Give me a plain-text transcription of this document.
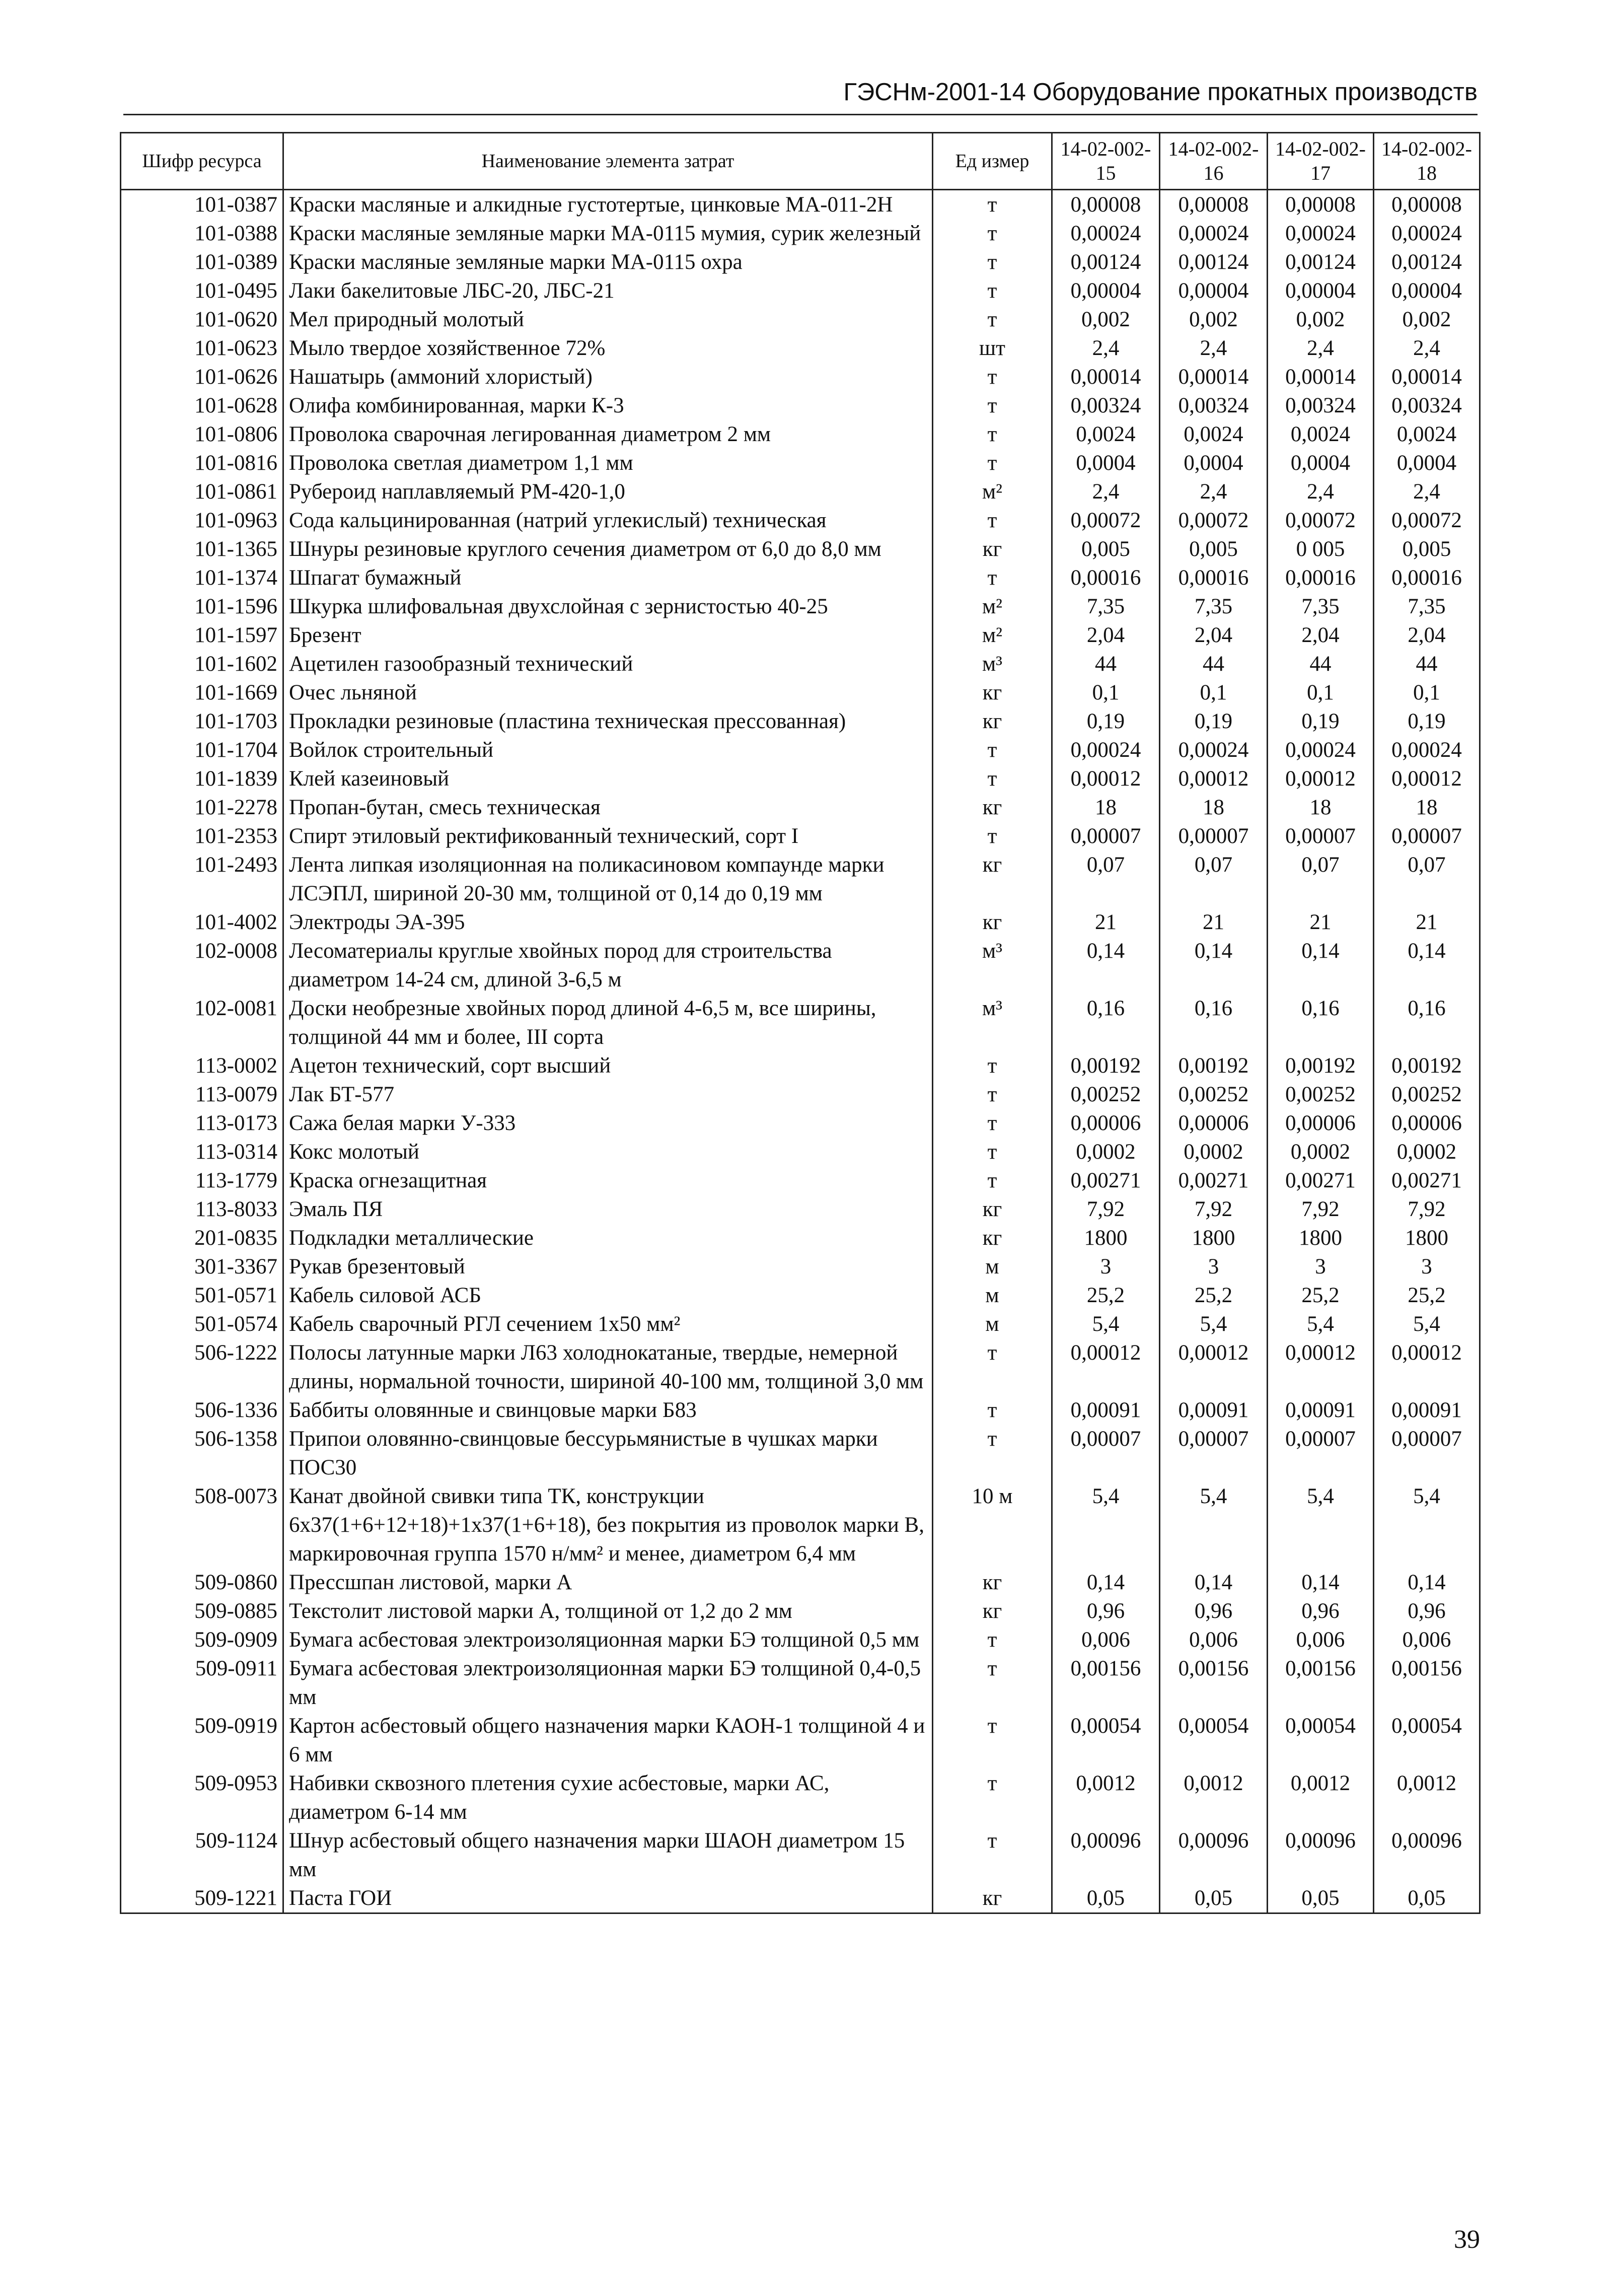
ГЭСНм-2001-14 Оборудование прокатных производств
Шифр ресурса	Наименование элемента затрат	Ед измер	14-02-002-15	14-02-002-16	14-02-002-17	14-02-002-18
101-0387	Краски масляные и алкидные густотертые, цинковые МА-011-2Н	т	0,00008	0,00008	0,00008	0,00008
101-0388	Краски масляные земляные марки МА-0115 мумия, сурик железный	т	0,00024	0,00024	0,00024	0,00024
101-0389	Краски масляные земляные марки МА-0115 охра	т	0,00124	0,00124	0,00124	0,00124
101-0495	Лаки бакелитовые ЛБС-20, ЛБС-21	т	0,00004	0,00004	0,00004	0,00004
101-0620	Мел природный молотый	т	0,002	0,002	0,002	0,002
101-0623	Мыло твердое хозяйственное 72%	шт	2,4	2,4	2,4	2,4
101-0626	Нашатырь (аммоний хлористый)	т	0,00014	0,00014	0,00014	0,00014
101-0628	Олифа комбинированная, марки К-3	т	0,00324	0,00324	0,00324	0,00324
101-0806	Проволока сварочная легированная диаметром 2 мм	т	0,0024	0,0024	0,0024	0,0024
101-0816	Проволока светлая диаметром 1,1 мм	т	0,0004	0,0004	0,0004	0,0004
101-0861	Рубероид наплавляемый РМ-420-1,0	м²	2,4	2,4	2,4	2,4
101-0963	Сода кальцинированная (натрий углекислый) техническая	т	0,00072	0,00072	0,00072	0,00072
101-1365	Шнуры резиновые круглого сечения диаметром от 6,0 до 8,0 мм	кг	0,005	0,005	0 005	0,005
101-1374	Шпагат бумажный	т	0,00016	0,00016	0,00016	0,00016
101-1596	Шкурка шлифовальная двухслойная с зернистостью 40-25	м²	7,35	7,35	7,35	7,35
101-1597	Брезент	м²	2,04	2,04	2,04	2,04
101-1602	Ацетилен газообразный технический	м³	44	44	44	44
101-1669	Очес льняной	кг	0,1	0,1	0,1	0,1
101-1703	Прокладки резиновые (пластина техническая прессованная)	кг	0,19	0,19	0,19	0,19
101-1704	Войлок строительный	т	0,00024	0,00024	0,00024	0,00024
101-1839	Клей казеиновый	т	0,00012	0,00012	0,00012	0,00012
101-2278	Пропан-бутан, смесь техническая	кг	18	18	18	18
101-2353	Спирт этиловый ректификованный технический, сорт I	т	0,00007	0,00007	0,00007	0,00007
101-2493	Лента липкая изоляционная на поликасиновом компаунде марки ЛСЭПЛ, шириной 20-30 мм, толщиной от 0,14 до 0,19 мм	кг	0,07	0,07	0,07	0,07
101-4002	Электроды ЭА-395	кг	21	21	21	21
102-0008	Лесоматериалы круглые хвойных пород для строительства диаметром 14-24 см, длиной 3-6,5 м	м³	0,14	0,14	0,14	0,14
102-0081	Доски необрезные хвойных пород длиной 4-6,5 м, все ширины, толщиной 44 мм и более, III сорта	м³	0,16	0,16	0,16	0,16
113-0002	Ацетон технический, сорт высший	т	0,00192	0,00192	0,00192	0,00192
113-0079	Лак БТ-577	т	0,00252	0,00252	0,00252	0,00252
113-0173	Сажа белая марки У-333	т	0,00006	0,00006	0,00006	0,00006
113-0314	Кокс молотый	т	0,0002	0,0002	0,0002	0,0002
113-1779	Краска огнезащитная	т	0,00271	0,00271	0,00271	0,00271
113-8033	Эмаль ПЯ	кг	7,92	7,92	7,92	7,92
201-0835	Подкладки металлические	кг	1800	1800	1800	1800
301-3367	Рукав брезентовый	м	3	3	3	3
501-0571	Кабель силовой АСБ	м	25,2	25,2	25,2	25,2
501-0574	Кабель сварочный РГЛ сечением 1х50 мм²	м	5,4	5,4	5,4	5,4
506-1222	Полосы латунные марки Л63 холоднокатаные, твердые, немерной длины, нормальной точности, шириной 40-100 мм, толщиной 3,0 мм	т	0,00012	0,00012	0,00012	0,00012
506-1336	Баббиты оловянные и свинцовые марки Б83	т	0,00091	0,00091	0,00091	0,00091
506-1358	Припои оловянно-свинцовые бессурьмянистые в чушках марки ПОС30	т	0,00007	0,00007	0,00007	0,00007
508-0073	Канат двойной свивки типа ТК, конструкции 6х37(1+6+12+18)+1х37(1+6+18), без покрытия из проволок марки В, маркировочная группа 1570 н/мм² и менее, диаметром 6,4 мм	10 м	5,4	5,4	5,4	5,4
509-0860	Прессшпан листовой, марки А	кг	0,14	0,14	0,14	0,14
509-0885	Текстолит листовой марки А, толщиной от 1,2 до 2 мм	кг	0,96	0,96	0,96	0,96
509-0909	Бумага асбестовая электроизоляционная марки БЭ толщиной 0,5 мм	т	0,006	0,006	0,006	0,006
509-0911	Бумага асбестовая электроизоляционная марки БЭ толщиной 0,4-0,5 мм	т	0,00156	0,00156	0,00156	0,00156
509-0919	Картон асбестовый общего назначения марки КАОН-1 толщиной 4 и 6 мм	т	0,00054	0,00054	0,00054	0,00054
509-0953	Набивки сквозного плетения сухие асбестовые, марки АС, диаметром 6-14 мм	т	0,0012	0,0012	0,0012	0,0012
509-1124	Шнур асбестовый общего назначения марки ШАОН диаметром 15 мм	т	0,00096	0,00096	0,00096	0,00096
509-1221	Паста ГОИ	кг	0,05	0,05	0,05	0,05
39
